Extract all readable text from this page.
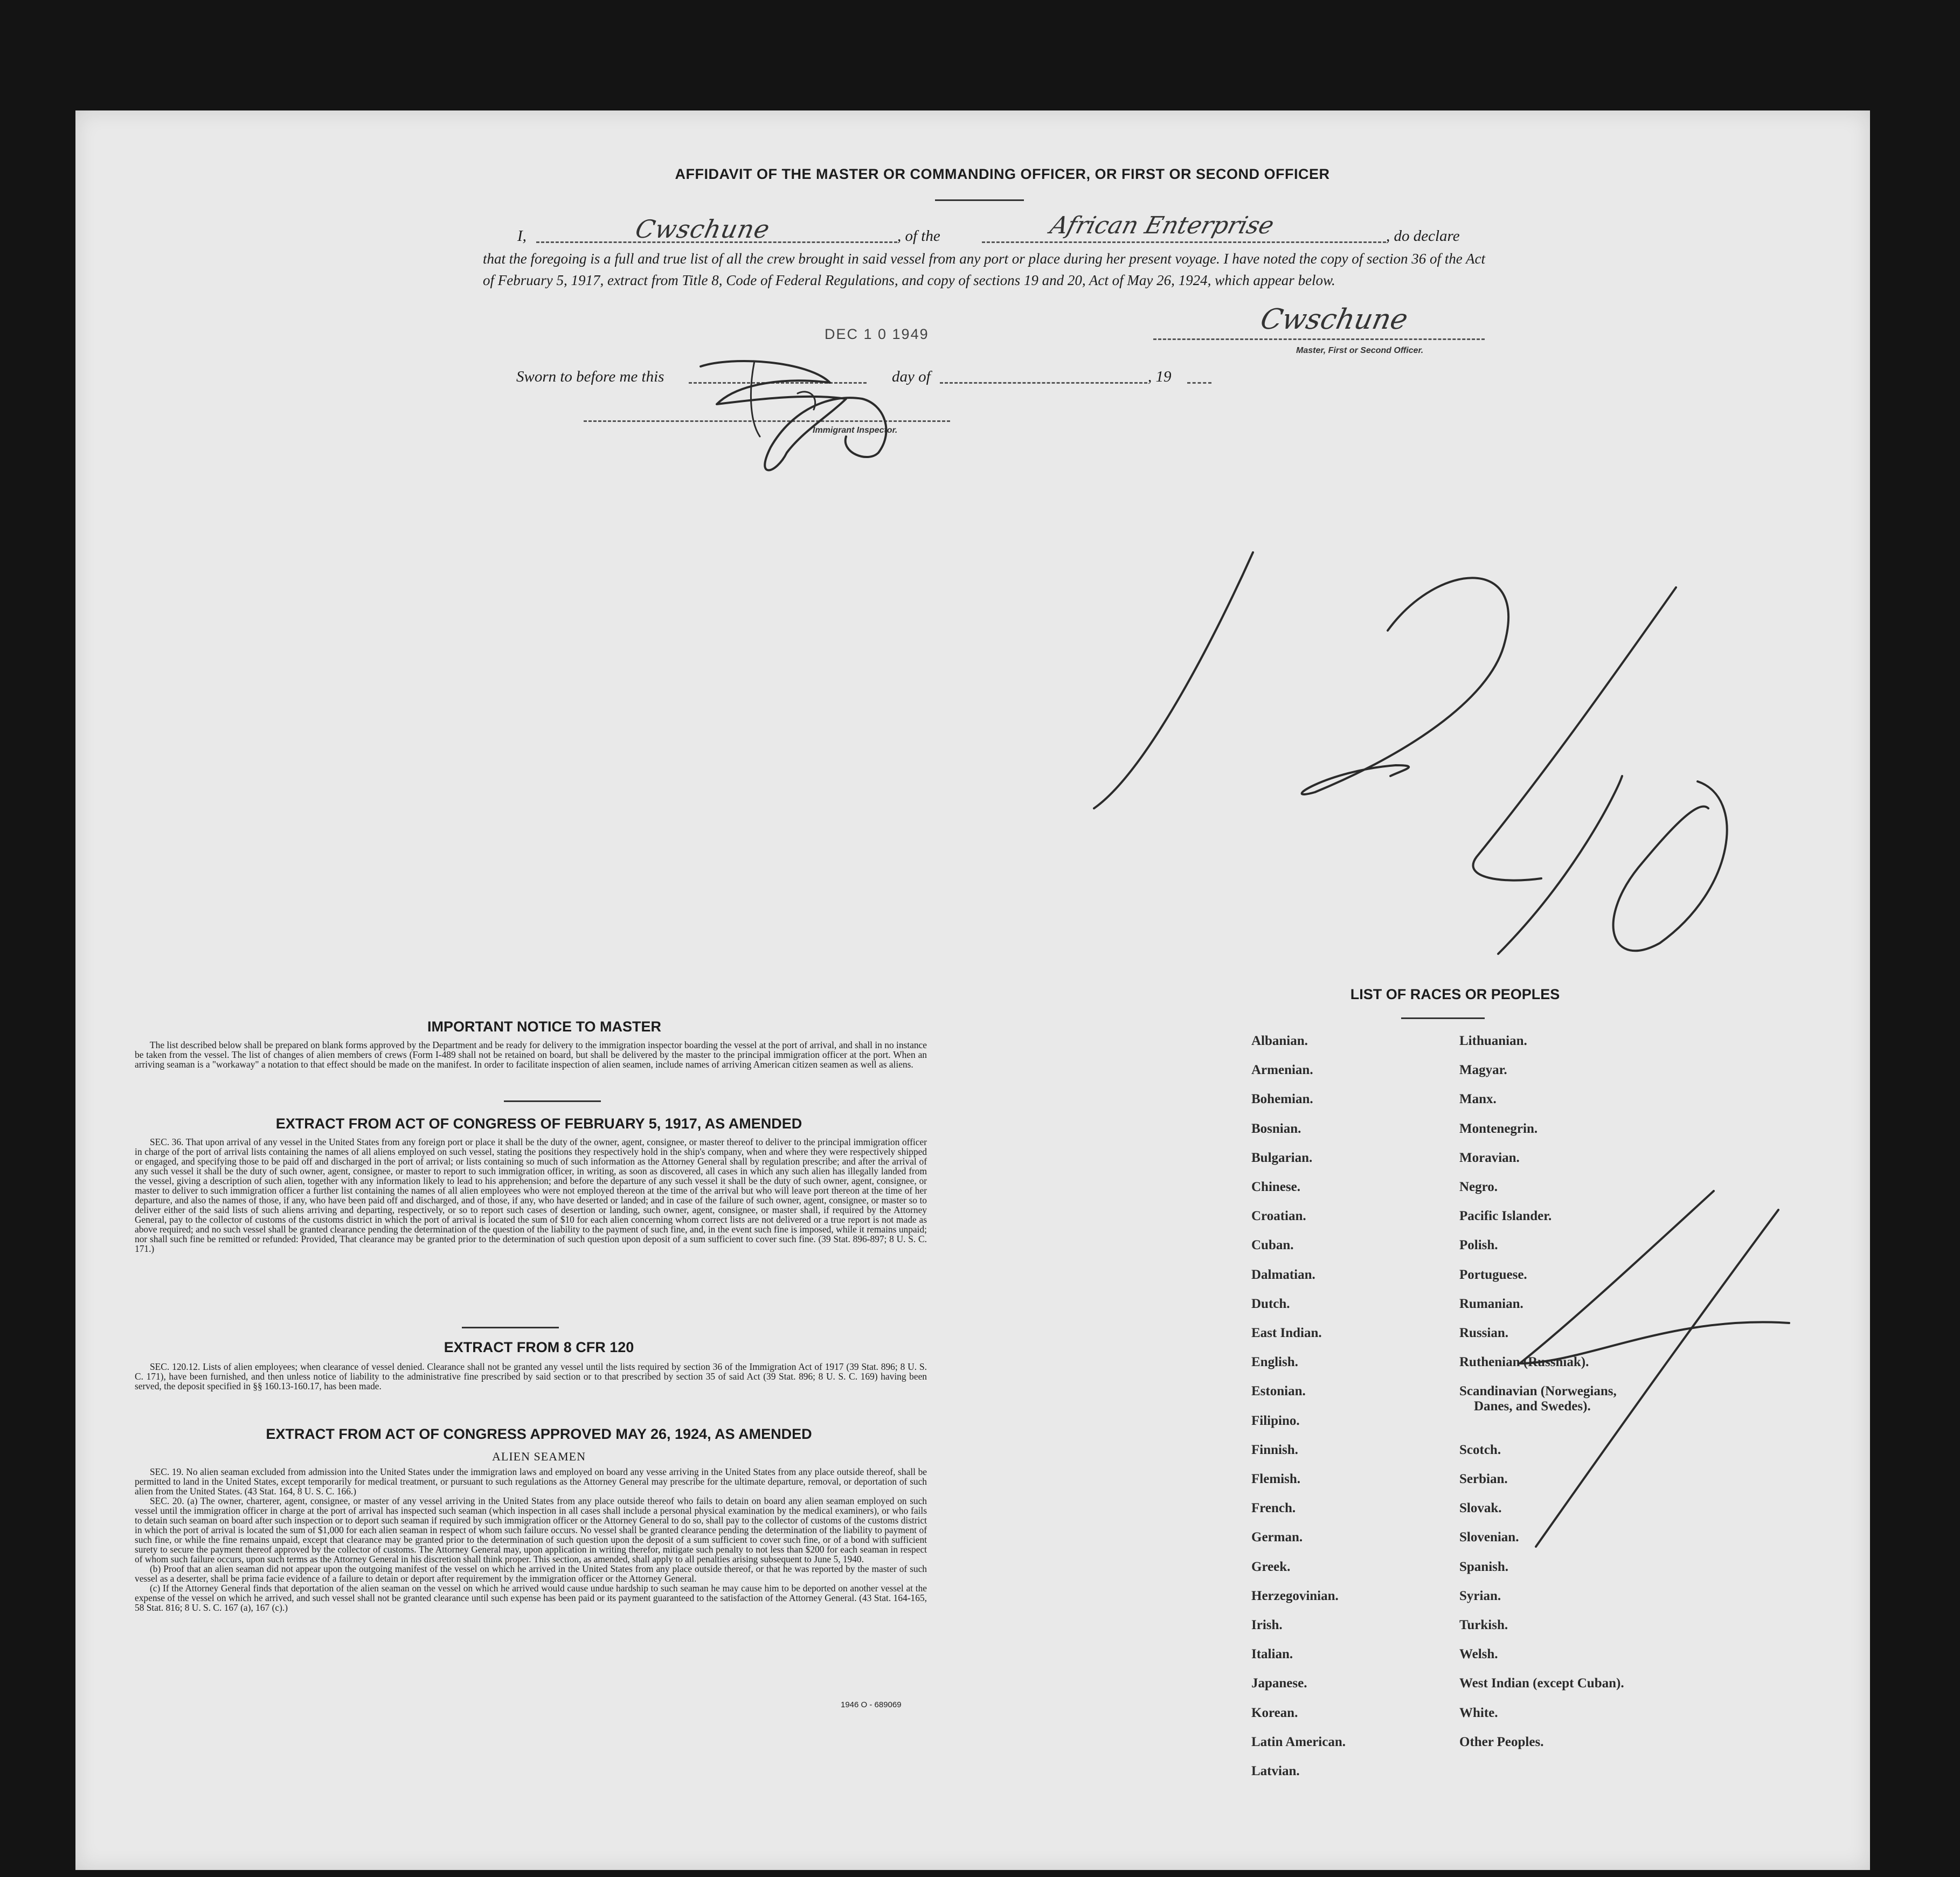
AFFIDAVIT OF THE MASTER OR COMMANDING OFFICER, OR FIRST OR SECOND OFFICER
I,	, of the	, do declare
Cwschune	African Enterprise
that the foregoing is a full and true list of all the crew brought in said vessel from any port or place during her present voyage. I have noted the copy of section 36 of the Act of February 5, 1917, extract from Title 8, Code of Federal Regulations, and copy of sections 19 and 20, Act of May 26, 1924, which appear below.
DEC 1 0 1949	Cwschune
Master, First or Second Officer.
Sworn to before me this	day of	, 19
Immigrant Inspector.
IMPORTANT NOTICE TO MASTER
The list described below shall be prepared on blank forms approved by the Department and be ready for delivery to the immigration inspector boarding the vessel at the port of arrival, and shall in no instance be taken from the vessel. The list of changes of alien members of crews (Form I-489 shall not be retained on board, but shall be delivered by the master to the principal immigration officer at the port. When an arriving seaman is a "workaway" a notation to that effect should be made on the manifest. In order to facilitate inspection of alien seamen, include names of arriving American citizen seamen as well as aliens.
EXTRACT FROM ACT OF CONGRESS OF FEBRUARY 5, 1917, AS AMENDED
SEC. 36. That upon arrival of any vessel in the United States from any foreign port or place it shall be the duty of the owner, agent, consignee, or master thereof to deliver to the principal immigration officer in charge of the port of arrival lists containing the names of all aliens employed on such vessel, stating the positions they respectively hold in the ship's company, when and where they were respectively shipped or engaged, and specifying those to be paid off and discharged in the port of arrival; or lists containing so much of such information as the Attorney General shall by regulation prescribe; and after the arrival of any such vessel it shall be the duty of such owner, agent, consignee, or master to report to such immigration officer, in writing, as soon as discovered, all cases in which any such alien has illegally landed from the vessel, giving a description of such alien, together with any information likely to lead to his apprehension; and before the departure of any such vessel it shall be the duty of such owner, agent, consignee, or master to deliver to such immigration officer a further list containing the names of all alien employees who were not employed thereon at the time of the arrival but who will leave port thereon at the time of her departure, and also the names of those, if any, who have been paid off and discharged, and of those, if any, who have deserted or landed; and in case of the failure of such owner, agent, consignee, or master so to deliver either of the said lists of such aliens arriving and departing, respectively, or so to report such cases of desertion or landing, such owner, agent, consignee, or master shall, if required by the Attorney General, pay to the collector of customs of the customs district in which the port of arrival is located the sum of $10 for each alien concerning whom correct lists are not delivered or a true report is not made as above required; and no such vessel shall be granted clearance pending the determination of the question of the liability to the payment of such fine, and, in the event such fine is imposed, while it remains unpaid; nor shall such fine be remitted or refunded: Provided, That clearance may be granted prior to the determination of such question upon deposit of a sum sufficient to cover such fine. (39 Stat. 896-897; 8 U. S. C. 171.)
EXTRACT FROM 8 CFR 120
SEC. 120.12. Lists of alien employees; when clearance of vessel denied. Clearance shall not be granted any vessel until the lists required by section 36 of the Immigration Act of 1917 (39 Stat. 896; 8 U. S. C. 171), have been furnished, and then unless notice of liability to the administrative fine prescribed by said section or to that prescribed by section 35 of said Act (39 Stat. 896; 8 U. S. C. 169) having been served, the deposit specified in §§ 160.13-160.17, has been made.
EXTRACT FROM ACT OF CONGRESS APPROVED MAY 26, 1924, AS AMENDED
ALIEN SEAMEN
SEC. 19. No alien seaman excluded from admission into the United States under the immigration laws and employed on board any vesse arriving in the United States from any place outside thereof, shall be permitted to land in the United States, except temporarily for medical treatment, or pursuant to such regulations as the Attorney General may prescribe for the ultimate departure, removal, or deportation of such alien from the United States. (43 Stat. 164, 8 U. S. C. 166.)
SEC. 20. (a) The owner, charterer, agent, consignee, or master of any vessel arriving in the United States from any place outside thereof who fails to detain on board any alien seaman employed on such vessel until the immigration officer in charge at the port of arrival has inspected such seaman (which inspection in all cases shall include a personal physical examination by the medical examiners), or who fails to detain such seaman on board after such inspection or to deport such seaman if required by such immigration officer or the Attorney General to do so, shall pay to the collector of customs of the customs district in which the port of arrival is located the sum of $1,000 for each alien seaman in respect of whom such failure occurs. No vessel shall be granted clearance pending the determination of the liability to payment of such fine, or while the fine remains unpaid, except that clearance may be granted prior to the determination of such question upon the deposit of a sum sufficient to cover such fine, or of a bond with sufficient surety to secure the payment thereof approved by the collector of customs. The Attorney General may, upon application in writing therefor, mitigate such penalty to not less than $200 for each seaman in respect of whom such failure occurs, upon such terms as the Attorney General in his discretion shall think proper. This section, as amended, shall apply to all penalties arising subsequent to June 5, 1940.
(b) Proof that an alien seaman did not appear upon the outgoing manifest of the vessel on which he arrived in the United States from any place outside thereof, or that he was reported by the master of such vessel as a deserter, shall be prima facie evidence of a failure to detain or deport after requirement by the immigration officer or the Attorney General.
(c) If the Attorney General finds that deportation of the alien seaman on the vessel on which he arrived would cause undue hardship to such seaman he may cause him to be deported on another vessel at the expense of the vessel on which he arrived, and such vessel shall not be granted clearance until such expense has been paid or its payment guaranteed to the satisfaction of the Attorney General. (43 Stat. 164-165, 58 Stat. 816; 8 U. S. C. 167 (a), 167 (c).)
1946 O - 689069
LIST OF RACES OR PEOPLES
Albanian.
Armenian.
Bohemian.
Bosnian.
Bulgarian.
Chinese.
Croatian.
Cuban.
Dalmatian.
Dutch.
East Indian.
English.
Estonian.
Filipino.
Finnish.
Flemish.
French.
German.
Greek.
Herzegovinian.
Irish.
Italian.
Japanese.
Korean.
Latin American.
Latvian.
Lithuanian.
Magyar.
Manx.
Montenegrin.
Moravian.
Negro.
Pacific Islander.
Polish.
Portuguese.
Rumanian.
Russian.
Ruthenian (Russniak).
Scandinavian (Norwegians,
Danes, and Swedes).
Scotch.
Serbian.
Slovak.
Slovenian.
Spanish.
Syrian.
Turkish.
Welsh.
West Indian (except Cuban).
White.
Other Peoples.
